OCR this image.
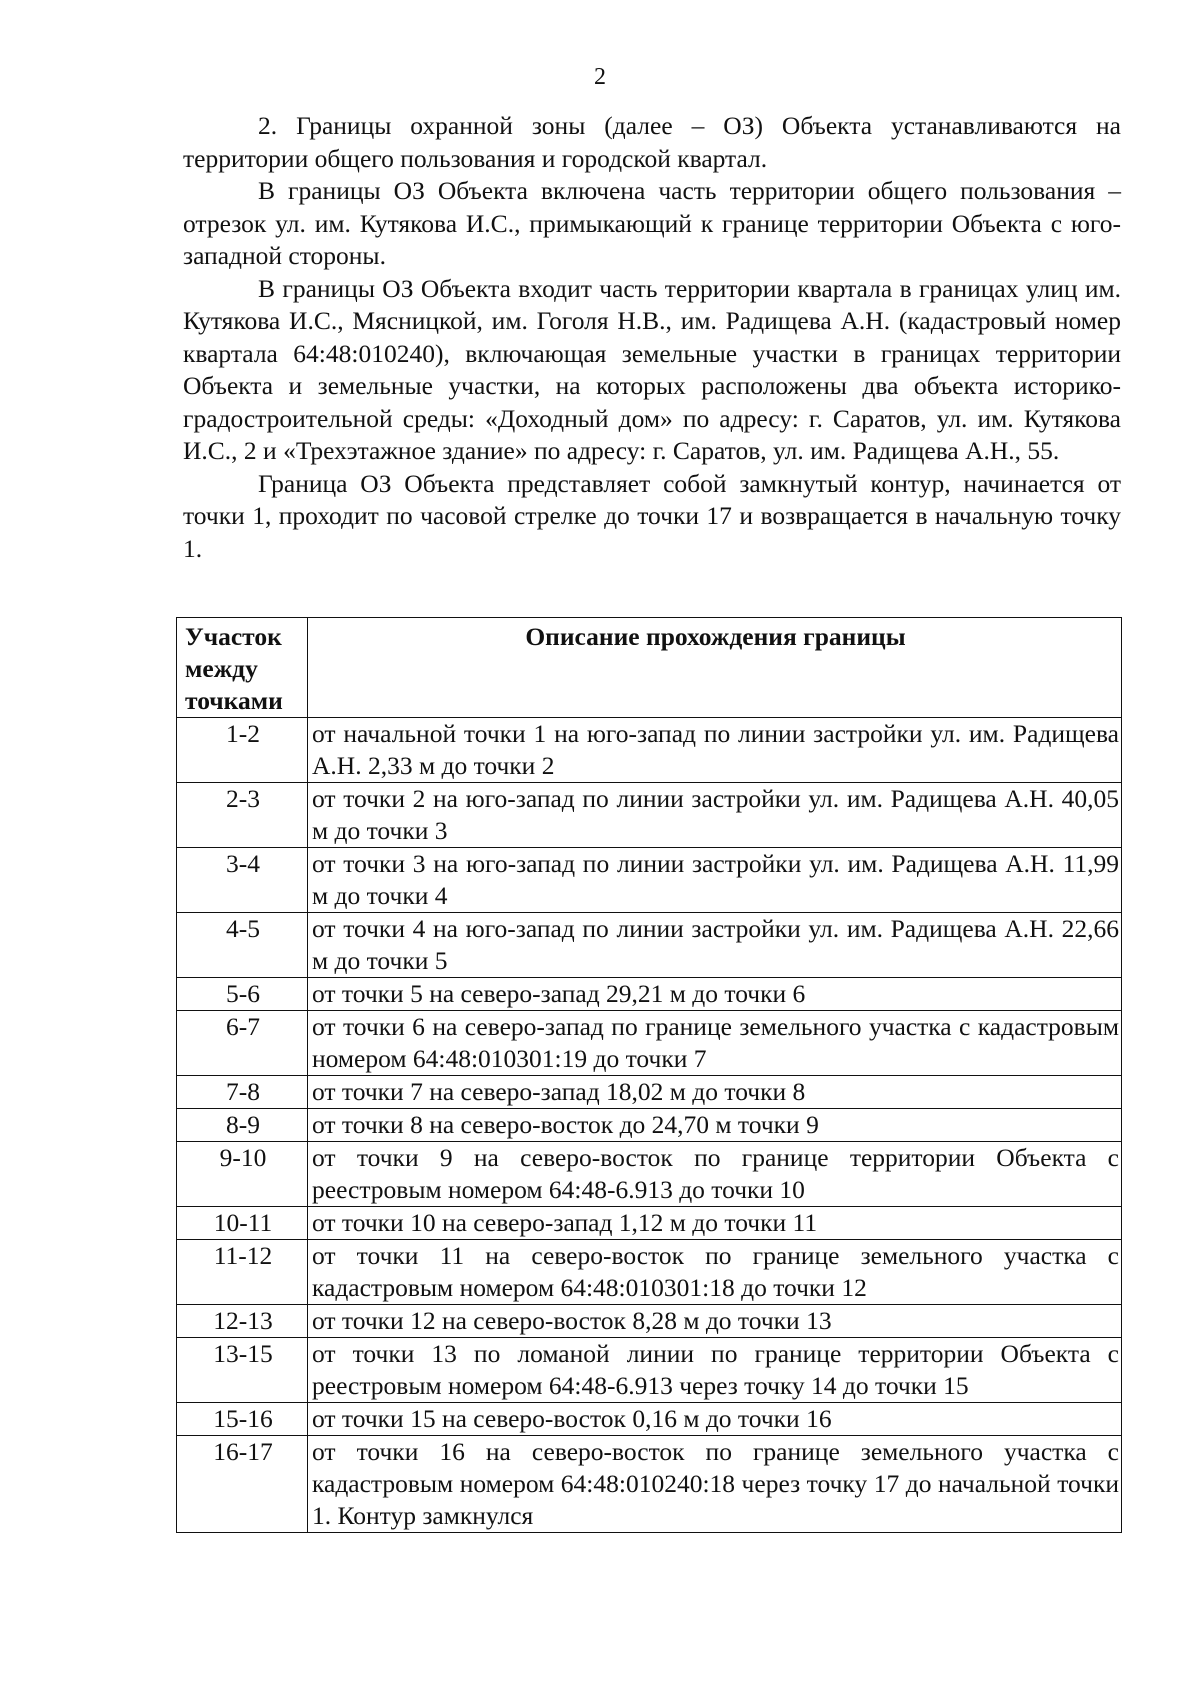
2

2. Границы охранной зоны (далее – ОЗ) Объекта устанавливаются на территории общего пользования и городской квартал.

В границы ОЗ Объекта включена часть территории общего пользования – отрезок ул. им. Кутякова И.С., примыкающий к границе территории Объекта с юго-западной стороны.

В границы ОЗ Объекта входит часть территории квартала в границах улиц им. Кутякова И.С., Мясницкой, им. Гоголя Н.В., им. Радищева А.Н. (кадастровый номер квартала 64:48:010240), включающая земельные участки в границах территории Объекта и земельные участки, на которых расположены два объекта историко-градостроительной среды: «Доходный дом» по адресу: г. Саратов, ул. им. Кутякова И.С., 2 и «Трехэтажное здание» по адресу: г. Саратов, ул. им. Радищева А.Н., 55.

Граница ОЗ Объекта представляет собой замкнутый контур, начинается от точки 1, проходит по часовой стрелке до точки 17 и возвращается в начальную точку 1.

Участок между точками	Описание прохождения границы
1-2	от начальной точки 1 на юго-запад по линии застройки ул. им. Радищева А.Н. 2,33 м до точки 2
2-3	от точки 2 на юго-запад по линии застройки ул. им. Радищева А.Н. 40,05 м до точки 3
3-4	от точки 3 на юго-запад по линии застройки ул. им. Радищева А.Н. 11,99 м до точки 4
4-5	от точки 4 на юго-запад по линии застройки ул. им. Радищева А.Н. 22,66 м до точки 5
5-6	от точки 5 на северо-запад 29,21 м до точки 6
6-7	от точки 6 на северо-запад по границе земельного участка с кадастровым номером 64:48:010301:19 до точки 7
7-8	от точки 7 на северо-запад 18,02 м до точки 8
8-9	от точки 8 на северо-восток до 24,70 м точки 9
9-10	от точки 9 на северо-восток по границе территории Объекта с реестровым номером 64:48-6.913 до точки 10
10-11	от точки 10 на северо-запад 1,12 м до точки 11
11-12	от точки 11 на северо-восток по границе земельного участка с кадастровым номером 64:48:010301:18 до точки 12
12-13	от точки 12 на северо-восток 8,28 м до точки 13
13-15	от точки 13 по ломаной линии по границе территории Объекта с реестровым номером 64:48-6.913 через точку 14 до точки 15
15-16	от точки 15 на северо-восток 0,16 м до точки 16
16-17	от точки 16 на северо-восток по границе земельного участка с кадастровым номером 64:48:010240:18 через точку 17 до начальной точки 1. Контур замкнулся
